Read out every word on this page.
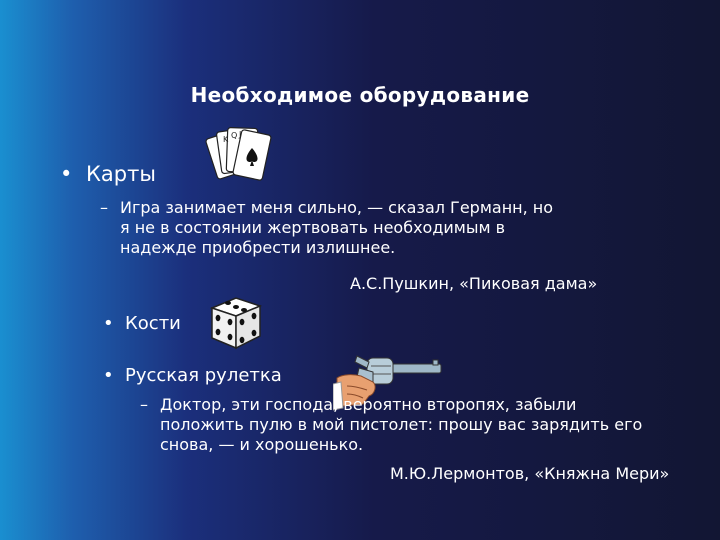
Необходимое оборудование
• Карты
K Q J
– Игра занимает меня сильно, — сказал Германн, но
я не в состоянии жертвовать необходимым в
надежде приобрести излишнее.
А.С.Пушкин, «Пиковая дама»
• Кости
• Русская рулетка
– Доктор, эти господа, вероятно второпях, забыли
положить пулю в мой пистолет: прошу вас зарядить его
снова, — и хорошенько.
М.Ю.Лермонтов, «Княжна Мери»
